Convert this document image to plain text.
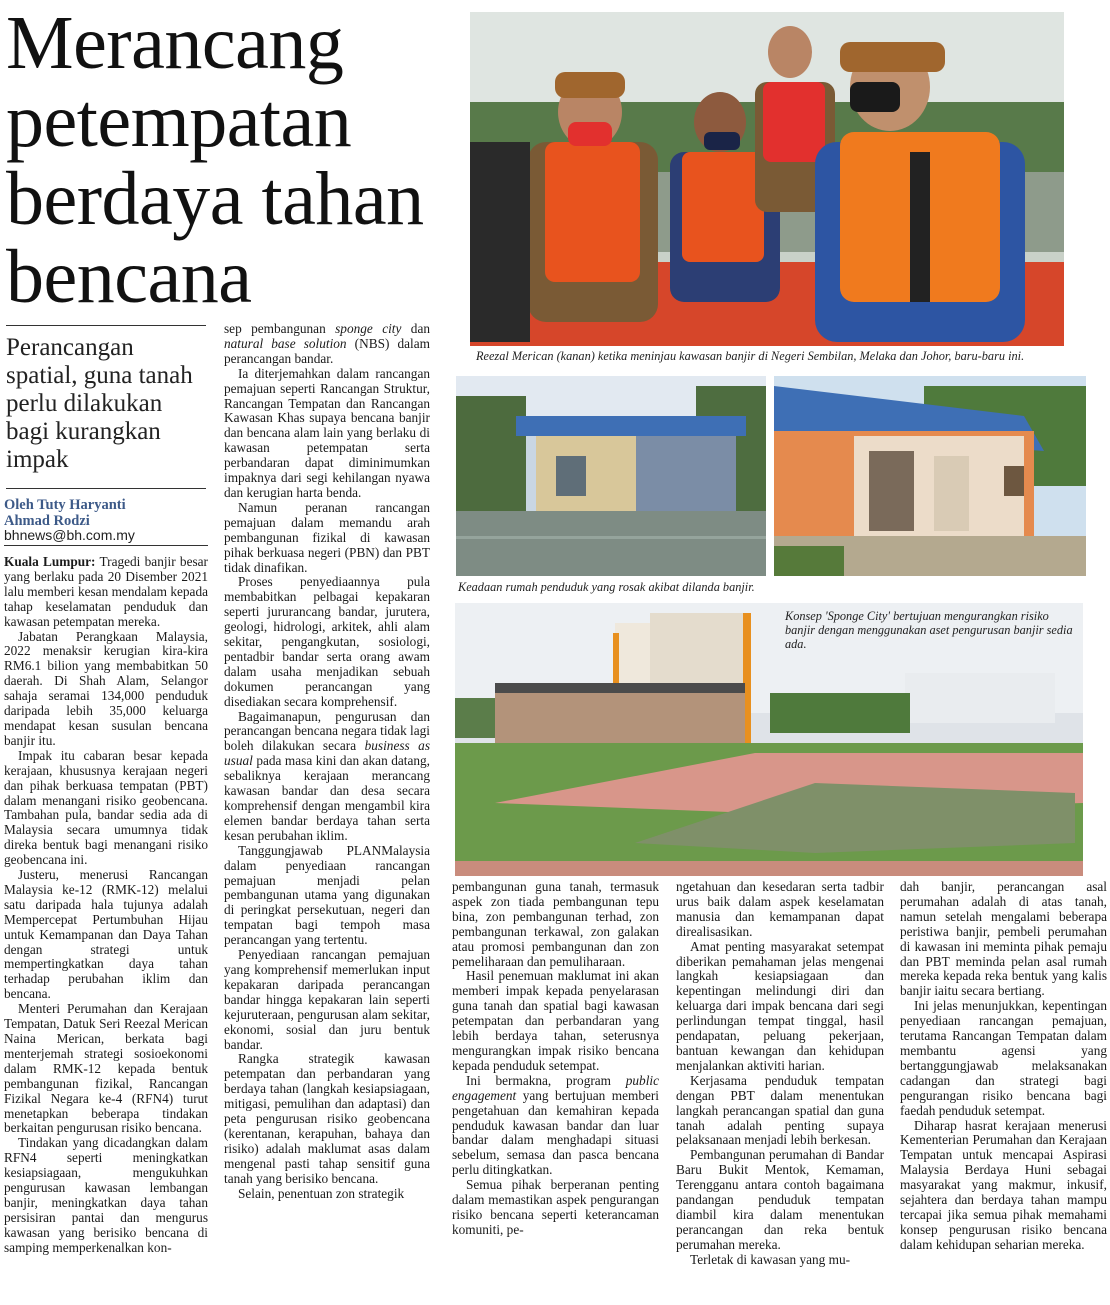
Merancang petempatan berdaya tahan bencana
Perancangan spatial, guna tanah perlu dilakukan bagi kurangkan impak
Oleh Tuty Haryanti
Ahmad Rodzi
bhnews@bh.com.my

Kuala Lumpur: Tragedi banjir besar yang berlaku pada 20 Disember 2021 lalu memberi kesan mendalam kepada tahap keselamatan penduduk dan kawasan petempatan mereka.

Jabatan Perangkaan Malaysia, 2022 menaksir kerugian kira-kira RM6.1 bilion yang membabitkan 50 daerah. Di Shah Alam, Selangor sahaja seramai 134,000 penduduk daripada lebih 35,000 keluarga mendapat kesan susulan bencana banjir itu.

Impak itu cabaran besar kepada kerajaan, khususnya kerajaan negeri dan pihak berkuasa tempatan (PBT) dalam menangani risiko geobencana. Tambahan pula, bandar sedia ada di Malaysia secara umumnya tidak direka bentuk bagi menangani risiko geobencana ini.

Justeru, menerusi Rancangan Malaysia ke-12 (RMK-12) melalui satu daripada hala tujunya adalah Mempercepat Pertumbuhan Hijau untuk Kemampanan dan Daya Tahan dengan strategi untuk mempertingkatkan daya tahan terhadap perubahan iklim dan bencana.

Menteri Perumahan dan Kerajaan Tempatan, Datuk Seri Reezal Merican Naina Merican, berkata bagi menterjemah strategi sosioekonomi dalam RMK-12 kepada bentuk pembangunan fizikal, Rancangan Fizikal Negara ke-4 (RFN4) turut menetapkan beberapa tindakan berkaitan pengurusan risiko bencana.

Tindakan yang dicadangkan dalam RFN4 seperti meningkatkan kesiapsiagaan, mengukuhkan pengurusan kawasan lembangan banjir, meningkatkan daya tahan persisiran pantai dan mengurus kawasan yang berisiko bencana di samping memperkenalkan kon-

sep pembangunan sponge city dan natural base solution (NBS) dalam perancangan bandar.

Ia diterjemahkan dalam rancangan pemajuan seperti Rancangan Struktur, Rancangan Tempatan dan Rancangan Kawasan Khas supaya bencana banjir dan bencana alam lain yang berlaku di kawasan petempatan serta perbandaran dapat diminimumkan impaknya dari segi kehilangan nyawa dan kerugian harta benda.

Namun peranan rancangan pemajuan dalam memandu arah pembangunan fizikal di kawasan pihak berkuasa negeri (PBN) dan PBT tidak dinafikan.

Proses penyediaannya pula membabitkan pelbagai kepakaran seperti jururancang bandar, jurutera, geologi, hidrologi, arkitek, ahli alam sekitar, pengangkutan, sosiologi, pentadbir bandar serta orang awam dalam usaha menjadikan sebuah dokumen perancangan yang disediakan secara komprehensif.

Bagaimanapun, pengurusan dan perancangan bencana negara tidak lagi boleh dilakukan secara business as usual pada masa kini dan akan datang, sebaliknya kerajaan merancang kawasan bandar dan desa secara komprehensif dengan mengambil kira elemen bandar berdaya tahan serta kesan perubahan iklim.

Tanggungjawab PLANMalaysia dalam penyediaan rancangan pemajuan menjadi pelan pembangunan utama yang digunakan di peringkat persekutuan, negeri dan tempatan bagi tempoh masa perancangan yang tertentu.

Penyediaan rancangan pemajuan yang komprehensif memerlukan input kepakaran daripada perancangan bandar hingga kepakaran lain seperti kejuruteraan, pengurusan alam sekitar, ekonomi, sosial dan juru bentuk bandar.

Rangka strategik kawasan petempatan dan perbandaran yang berdaya tahan (langkah kesiapsiagaan, mitigasi, pemulihan dan adaptasi) dan peta pengurusan risiko geobencana (kerentanan, kerapuhan, bahaya dan risiko) adalah maklumat asas dalam mengenal pasti tahap sensitif guna tanah yang berisiko bencana.

Selain, penentuan zon strategik

Reezal Merican (kanan) ketika meninjau kawasan banjir di Negeri Sembilan, Melaka dan Johor, baru-baru ini.
Keadaan rumah penduduk yang rosak akibat dilanda banjir.
Konsep 'Sponge City' bertujuan mengurangkan risiko banjir dengan menggunakan aset pengurusan banjir sedia ada.

pembangunan guna tanah, termasuk aspek zon tiada pembangunan tepu bina, zon pembangunan terhad, zon pembangunan terkawal, zon galakan atau promosi pembangunan dan zon pemeliharaan dan pemuliharaan.

Hasil penemuan maklumat ini akan memberi impak kepada penyelarasan guna tanah dan spatial bagi kawasan petempatan dan perbandaran yang lebih berdaya tahan, seterusnya mengurangkan impak risiko bencana kepada penduduk setempat.

Ini bermakna, program public engagement yang bertujuan memberi pengetahuan dan kemahiran kepada penduduk kawasan bandar dan luar bandar dalam menghadapi situasi sebelum, semasa dan pasca bencana perlu ditingkatkan.

Semua pihak berperanan penting dalam memastikan aspek pengurangan risiko bencana seperti keterancaman komuniti, pe-

ngetahuan dan kesedaran serta tadbir urus baik dalam aspek keselamatan manusia dan kemampanan dapat direalisasikan.

Amat penting masyarakat setempat diberikan pemahaman jelas mengenai langkah kesiapsiagaan dan kepentingan melindungi diri dan keluarga dari impak bencana dari segi perlindungan tempat tinggal, hasil pendapatan, peluang pekerjaan, bantuan kewangan dan kehidupan menjalankan aktiviti harian.

Kerjasama penduduk tempatan dengan PBT dalam menentukan langkah perancangan spatial dan guna tanah adalah penting supaya pelaksanaan menjadi lebih berkesan.

Pembangunan perumahan di Bandar Baru Bukit Mentok, Kemaman, Terengganu antara contoh bagaimana pandangan penduduk tempatan diambil kira dalam menentukan perancangan dan reka bentuk perumahan mereka.

Terletak di kawasan yang mu-

dah banjir, perancangan asal perumahan adalah di atas tanah, namun setelah mengalami beberapa peristiwa banjir, pembeli perumahan di kawasan ini meminta pihak pemaju dan PBT meminda pelan asal rumah mereka kepada reka bentuk yang kalis banjir iaitu secara bertiang.

Ini jelas menunjukkan, kepentingan penyediaan rancangan pemajuan, terutama Rancangan Tempatan dalam membantu agensi yang bertanggungjawab melaksanakan cadangan dan strategi bagi pengurangan risiko bencana bagi faedah penduduk setempat.

Diharap hasrat kerajaan menerusi Kementerian Perumahan dan Kerajaan Tempatan untuk mencapai Aspirasi Malaysia Berdaya Huni sebagai masyarakat yang makmur, inkusif, sejahtera dan berdaya tahan mampu tercapai jika semua pihak memahami konsep pengurusan risiko bencana dalam kehidupan seharian mereka.
